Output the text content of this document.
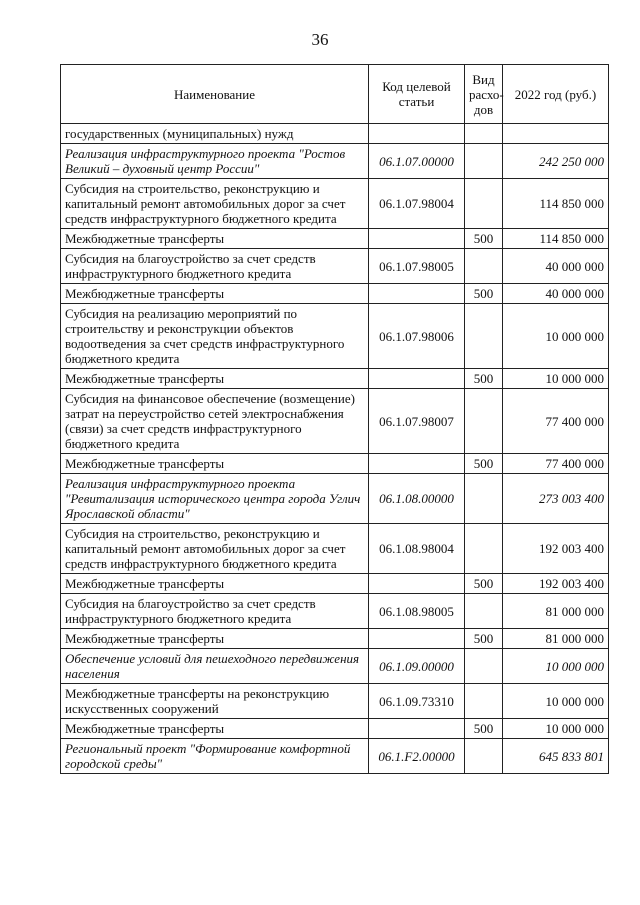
36
Наименование	Код целевой статьи	Вид расхо-дов	2022 год (руб.)
государственных (муниципальных) нужд			
Реализация инфраструктурного проекта "Ростов Великий – духовный центр России"	06.1.07.00000		242 250 000
Субсидия на строительство, реконструкцию и капитальный ремонт автомобильных дорог за счет средств инфраструктурного бюджетного кредита	06.1.07.98004		114 850 000
Межбюджетные трансферты		500	114 850 000
Субсидия на благоустройство за счет средств инфраструктурного бюджетного кредита	06.1.07.98005		40 000 000
Межбюджетные трансферты		500	40 000 000
Субсидия на реализацию мероприятий по строительству и реконструкции объектов водоотведения за счет средств инфраструктурного бюджетного кредита	06.1.07.98006		10 000 000
Межбюджетные трансферты		500	10 000 000
Субсидия на финансовое обеспечение (возмещение) затрат на переустройство сетей электроснабжения (связи) за счет средств инфраструктурного бюджетного кредита	06.1.07.98007		77 400 000
Межбюджетные трансферты		500	77 400 000
Реализация инфраструктурного проекта "Ревитализация исторического центра города Углич Ярославской области"	06.1.08.00000		273 003 400
Субсидия на строительство, реконструкцию и капитальный ремонт автомобильных дорог за счет средств инфраструктурного бюджетного кредита	06.1.08.98004		192 003 400
Межбюджетные трансферты		500	192 003 400
Субсидия на благоустройство за счет средств инфраструктурного бюджетного кредита	06.1.08.98005		81 000 000
Межбюджетные трансферты		500	81 000 000
Обеспечение условий для пешеходного передвижения населения	06.1.09.00000		10 000 000
Межбюджетные трансферты на реконструкцию искусственных сооружений	06.1.09.73310		10 000 000
Межбюджетные трансферты		500	10 000 000
Региональный проект "Формирование комфортной городской среды"	06.1.F2.00000		645 833 801
